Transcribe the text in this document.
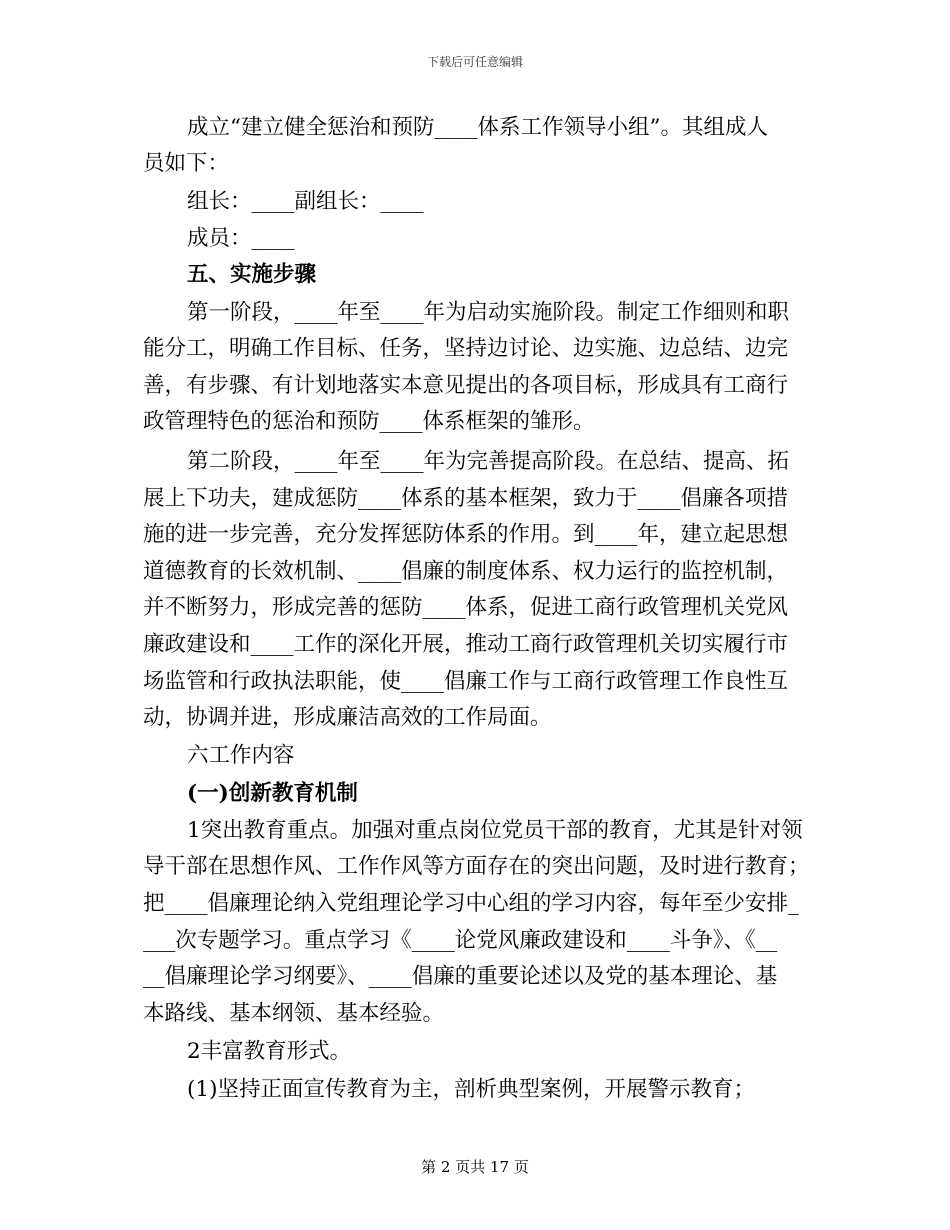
下载后可任意编辑
成立“建立健全惩治和预防____体系工作领导小组”。其组成人
员如下：
组长：____副组长：____
成员：____
五、实施步骤
第一阶段，____年至____年为启动实施阶段。制定工作细则和职
能分工，明确工作目标、任务，坚持边讨论、边实施、边总结、边完
善，有步骤、有计划地落实本意见提出的各项目标，形成具有工商行
政管理特色的惩治和预防____体系框架的雏形。
第二阶段，____年至____年为完善提高阶段。在总结、提高、拓
展上下功夫，建成惩防____体系的基本框架，致力于____倡廉各项措
施的进一步完善，充分发挥惩防体系的作用。到____年，建立起思想
道德教育的长效机制、____倡廉的制度体系、权力运行的监控机制，
并不断努力，形成完善的惩防____体系，促进工商行政管理机关党风
廉政建设和____工作的深化开展，推动工商行政管理机关切实履行市
场监管和行政执法职能，使____倡廉工作与工商行政管理工作良性互
动，协调并进，形成廉洁高效的工作局面。
六工作内容
(一)创新教育机制
1突出教育重点。加强对重点岗位党员干部的教育，尤其是针对领
导干部在思想作风、工作作风等方面存在的突出问题，及时进行教育；
把____倡廉理论纳入党组理论学习中心组的学习内容，每年至少安排_
___次专题学习。重点学习《____论党风廉政建设和____斗争》、《__
__倡廉理论学习纲要》、____倡廉的重要论述以及党的基本理论、基
本路线、基本纲领、基本经验。
2丰富教育形式。
(1)坚持正面宣传教育为主，剖析典型案例，开展警示教育；
第 2 页共 17 页
